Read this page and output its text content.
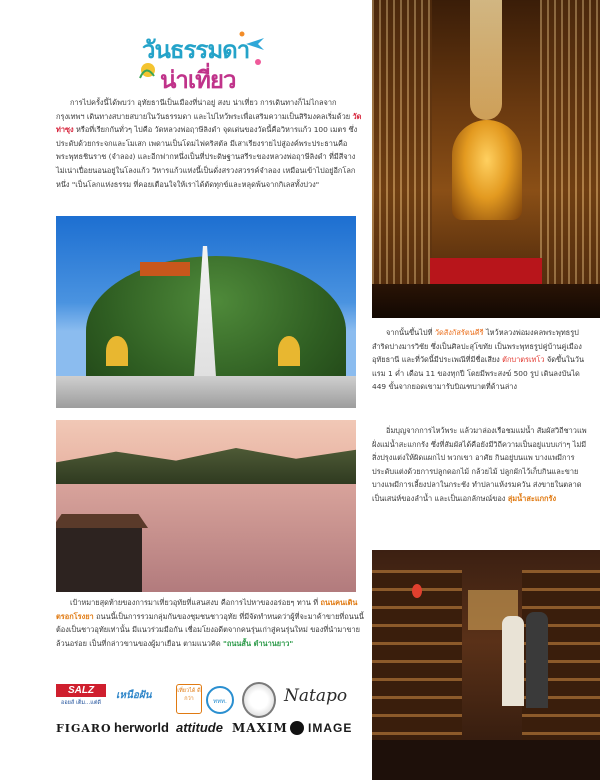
วันธรรมดา
น่าเที่ยว

การไปครั้งนี้ได้พบว่า อุทัยธานีเป็นเมืองที่น่าอยู่ สงบ น่าเที่ยว การเดินทางก็ไม่ไกลจากกรุงเทพฯ เดินทางสบายสบายในวันธรรมดา และไปไหว้พระเพื่อเสริมความเป็นสิริมงคลเริ่มด้วย วัดท่าซุง หรือที่เรียกกันทั่วๆ ไปคือ วัดหลวงพ่อฤาษีลิงดำ จุดเด่นของวัดนี้คือวิหารแก้ว 100 เมตร ซึ่งประดับด้วยกระจกและโมเสก เพดานเป็นโดมไฟคริสตัล มีเสาเรียงรายไปสู่องค์พระประธานคือพระพุทธชินราช (จำลอง) และอีกฟากหนึ่งเป็นที่ประดิษฐานสรีระของหลวงพ่อฤาษีลิงดำ ที่มีสีจางไม่เน่าเปื่อยนอนอยู่ในโลงแก้ว วิหารแก้วแห่งนี้เป็นดั่งสรวงสวรรค์จำลอง เหมือนเข้าไปอยู่อีกโลกหนึ่ง "เป็นโลกแห่งธรรม ที่คอยเตือนใจให้เราได้ตัดทุกข์และหลุดพ้นจากกิเลสทั้งปวง"

จากนั้นขึ้นไปที่ วัดสังกัสรัตนคีรี ไหว้หลวงพ่อมงคลพระพุทธรูปสำริดปางมารวิชัย ซึ่งเป็นศิลปะสุโขทัย เป็นพระพุทธรูปคู่บ้านคู่เมืองอุทัยธานี และที่วัดนี้มีประเพณีที่มีชื่อเสียง ตักบาตรเทโว จัดขึ้นในวันแรม 1 ค่ำ เดือน 11 ของทุกปี โดยมีพระสงฆ์ 500 รูป เดินลงบันได 449 ขั้นจากยอดเขามารับบิณฑบาตที่ด้านล่าง

อิ่มบุญจากการไหว้พระ แล้วมาล่องเรือชมแม่น้ำ สัมผัสวิถีชาวแพฝั่งแม่น้ำสะแกกรัง ซึ่งที่สัมผัสได้คือยังมีวิถีความเป็นอยู่แบบเก่าๆ ไม่มีสิ่งปรุงแต่งให้ผิดแผกไป พวกเขา อาศัย กินอยู่บนแพ บางแพมีการประดับแต่งด้วยการปลูกดอกไม้ กล้วยไม้ ปลูกผักไว้เก็บกินและขาย บางแพมีการเลี้ยงปลาในกระชัง ทำปลาแห้งรมควัน ส่งขายในตลาด เป็นเสน่ห์ของลำน้ำ และเป็นเอกลักษณ์ของ ลุ่มน้ำสะแกกรัง

เป้าหมายสุดท้ายของการมาเที่ยวอุทัยที่แสนสงบ คือการไปหาของอร่อยๆ ทาน ที่ ถนนคนเดินตรอกโรงยา ถนนนี้เป็นการรวมกลุ่มกันของชุมชนชาวอุทัย ที่มีจัดทำหนดว่าผู้ที่จะมาค้าขายที่ถนนนี้ ต้องเป็นชาวอุทัยเท่านั้น มีแนวร่วมมือกัน เชื่อมโยงอดีตจากคนรุ่นเก่าสู่คนรุ่นใหม่ ของที่นำมาขายล้วนอร่อย เป็นที่กล่าวขานของผู้มาเยือน ตามแนวคิด "ถนนสั้น ตำนานยาว"

SALZ
ออยส์ เต็ม...แต่ดี
เหนือฝัน	เที่ยวได้ ดีกว่า	ททท.	Natapo
FIGARO herworld attitude MAXIM IMAGE
